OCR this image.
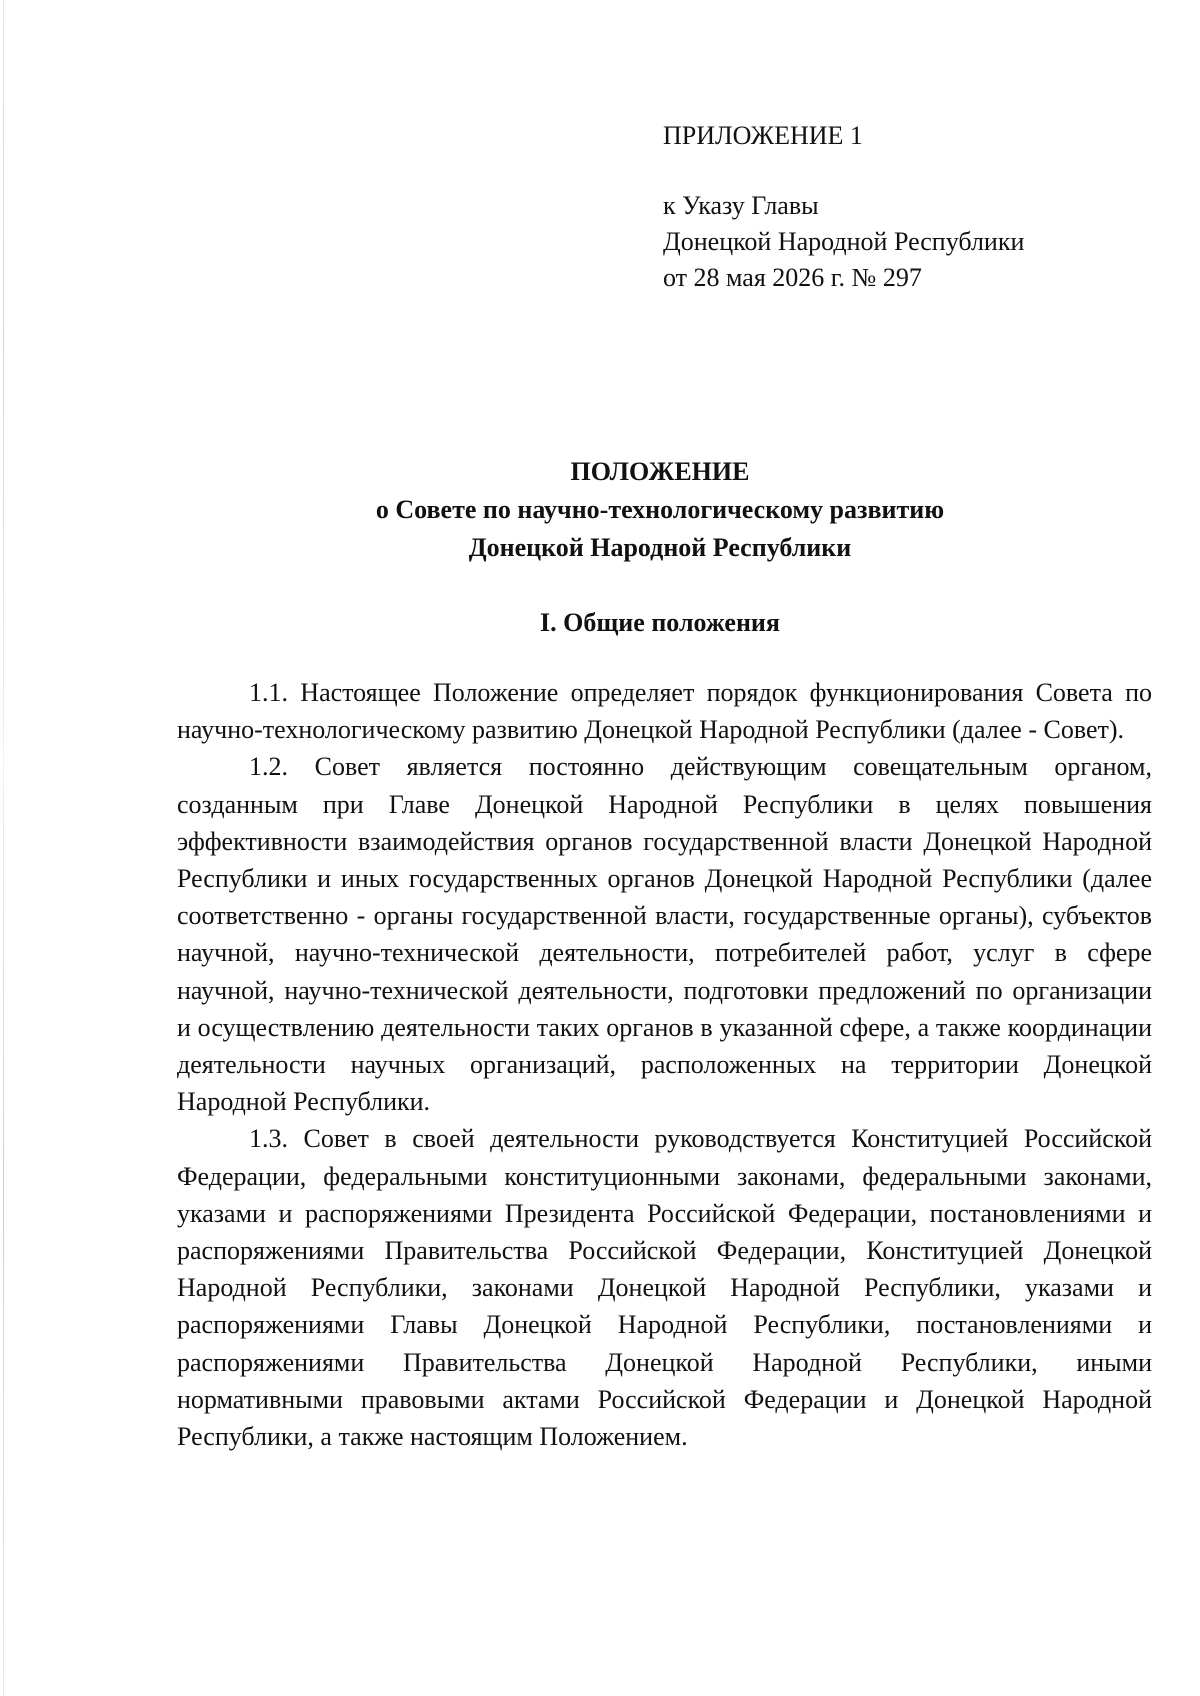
ПРИЛОЖЕНИЕ 1
к Указу Главы
Донецкой Народной Республики
от 28 мая 2026 г. № 297
ПОЛОЖЕНИЕ
о Совете по научно-технологическому развитию
Донецкой Народной Республики
I. Общие положения

1.1. Настоящее Положение определяет порядок функционирования Совета по научно-технологическому развитию Донецкой Народной Республики (далее - Совет).

1.2. Совет является постоянно действующим совещательным органом, созданным при Главе Донецкой Народной Республики в целях повышения эффективности взаимодействия органов государственной власти Донецкой Народной Республики и иных государственных органов Донецкой Народной Республики (далее соответственно - органы государственной власти, государственные органы), субъектов научной, научно-технической деятельности, потребителей работ, услуг в сфере научной, научно-технической деятельности, подготовки предложений по организации и осуществлению деятельности таких органов в указанной сфере, а также координации деятельности научных организаций, расположенных на территории Донецкой Народной Республики.

1.3. Совет в своей деятельности руководствуется Конституцией Российской Федерации, федеральными конституционными законами, федеральными законами, указами и распоряжениями Президента Российской Федерации, постановлениями и распоряжениями Правительства Российской Федерации, Конституцией Донецкой Народной Республики, законами Донецкой Народной Республики, указами и распоряжениями Главы Донецкой Народной Республики, постановлениями и распоряжениями Правительства Донецкой Народной Республики, иными нормативными правовыми актами Российской Федерации и Донецкой Народной Республики, а также настоящим Положением.
